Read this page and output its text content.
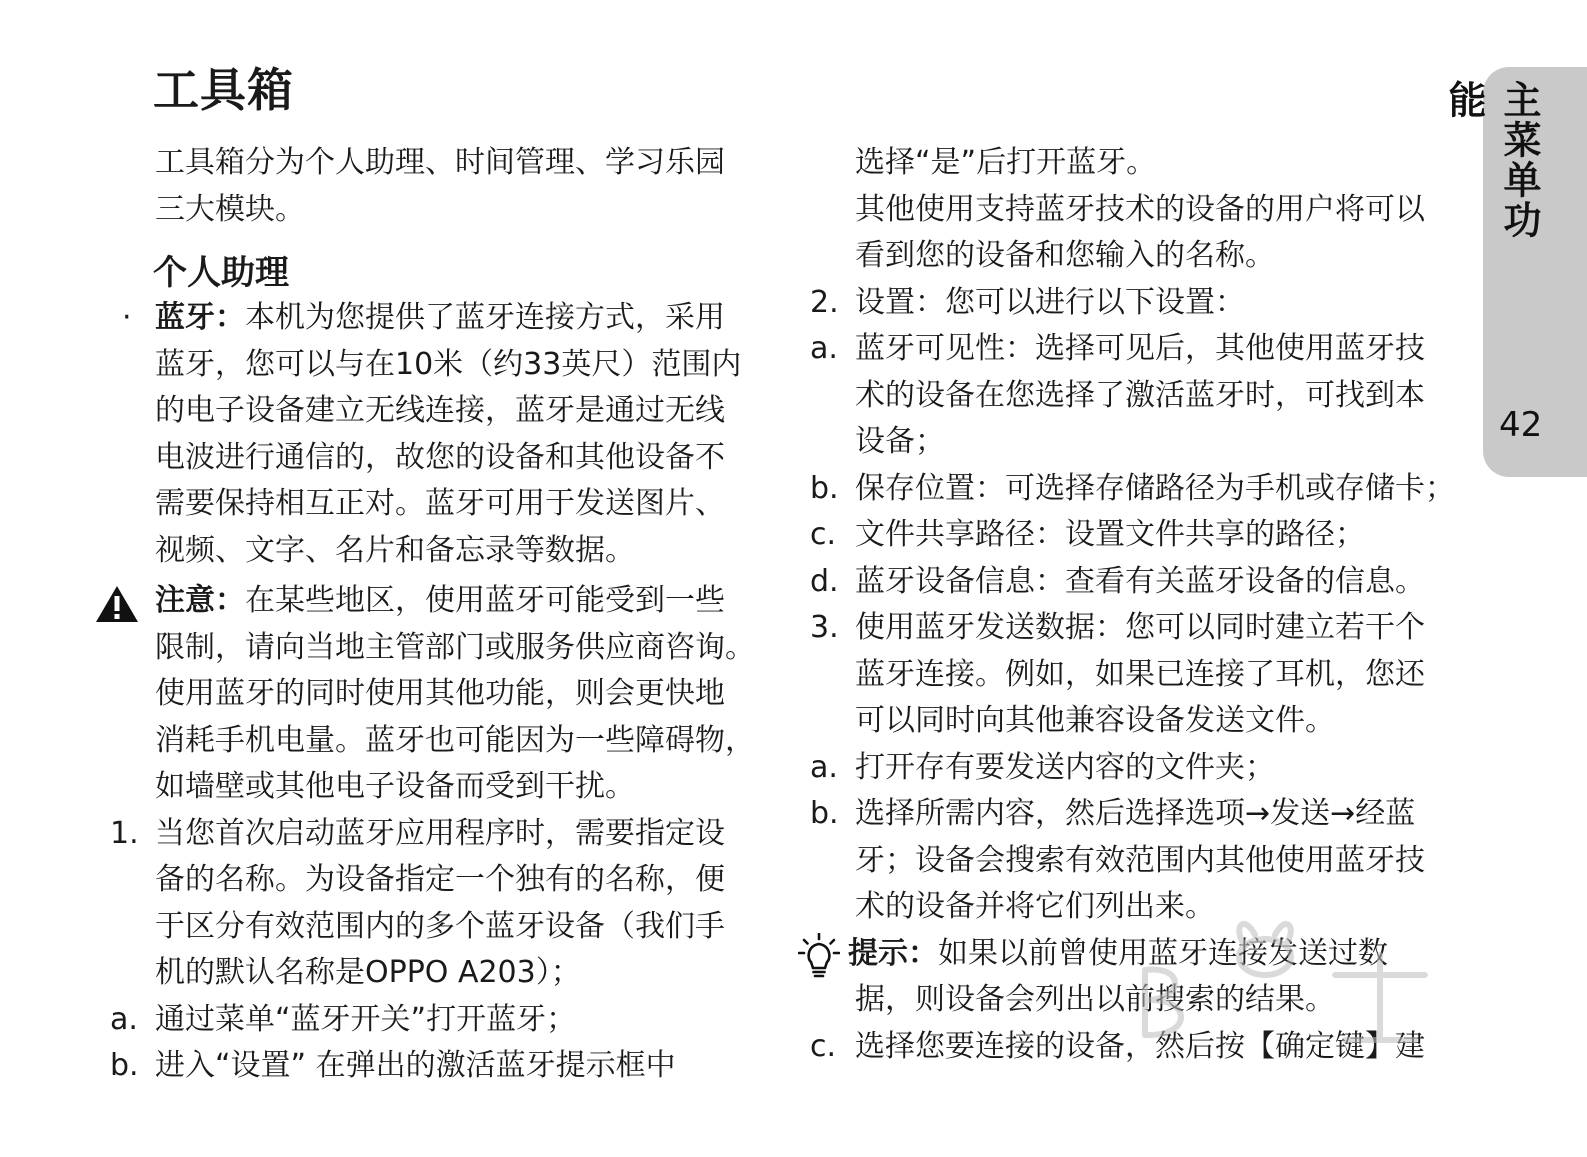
工具箱
工具箱分为个人助理、时间管理、学习乐园
三大模块。
个人助理
· 蓝牙：本机为您提供了蓝牙连接方式，采用
蓝牙，您可以与在10米（约33英尺）范围内
的电子设备建立无线连接，蓝牙是通过无线
电波进行通信的，故您的设备和其他设备不
需要保持相互正对。蓝牙可用于发送图片、
视频、文字、名片和备忘录等数据。
注意：在某些地区，使用蓝牙可能受到一些
限制，请向当地主管部门或服务供应商咨询。
使用蓝牙的同时使用其他功能，则会更快地
消耗手机电量。蓝牙也可能因为一些障碍物，
如墙壁或其他电子设备而受到干扰。
1. 当您首次启动蓝牙应用程序时，需要指定设
备的名称。为设备指定一个独有的名称，便
于区分有效范围内的多个蓝牙设备（我们手
机的默认名称是OPPO A203）；
a. 通过菜单“蓝牙开关”打开蓝牙；
b. 进入“设置” 在弹出的激活蓝牙提示框中
选择“是”后打开蓝牙。
其他使用支持蓝牙技术的设备的用户将可以
看到您的设备和您输入的名称。
2. 设置：您可以进行以下设置：
a. 蓝牙可见性：选择可见后，其他使用蓝牙技
术的设备在您选择了激活蓝牙时，可找到本
设备；
b. 保存位置：可选择存储路径为手机或存储卡；
c. 文件共享路径：设置文件共享的路径；
d. 蓝牙设备信息：查看有关蓝牙设备的信息。
3. 使用蓝牙发送数据：您可以同时建立若干个
蓝牙连接。例如，如果已连接了耳机，您还
可以同时向其他兼容设备发送文件。
a. 打开存有要发送内容的文件夹；
b. 选择所需内容，然后选择选项→发送→经蓝
牙；设备会搜索有效范围内其他使用蓝牙技
术的设备并将它们列出来。
提示：如果以前曾使用蓝牙连接发送过数
据，则设备会列出以前搜索的结果。
c. 选择您要连接的设备，然后按【确定键】建
主菜单功能
42
